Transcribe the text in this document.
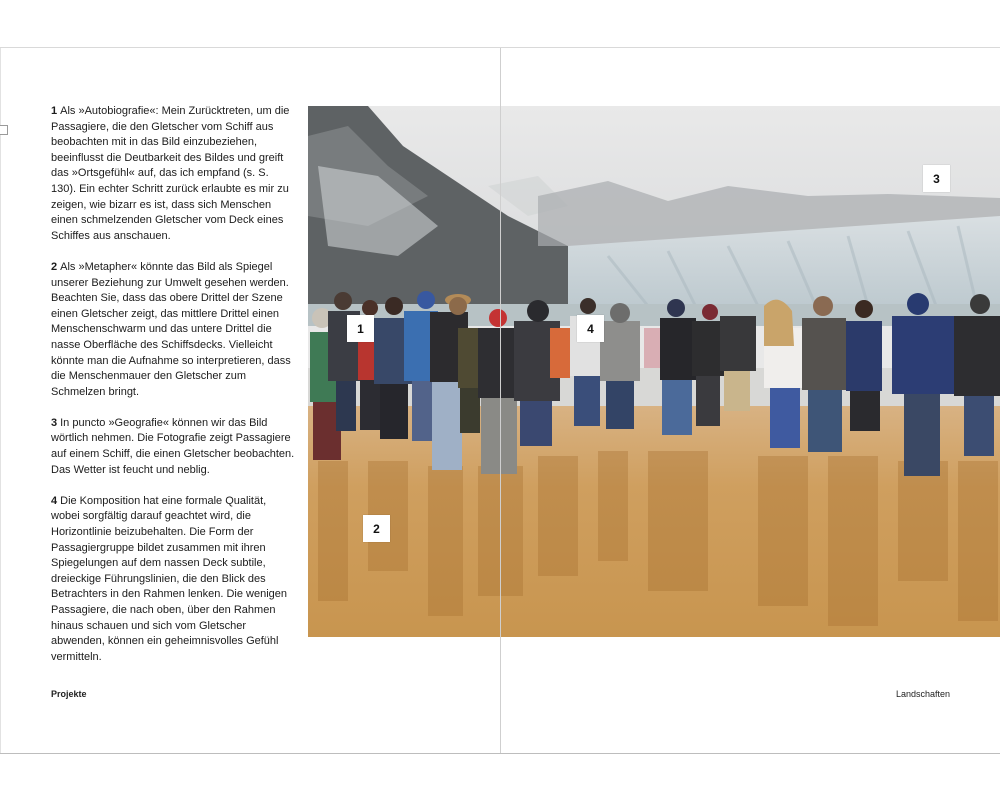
1 Als »Autobiografie«: Mein Zurücktreten, um die Passagiere, die den Gletscher vom Schiff aus beobachten mit in das Bild einzubeziehen, beeinflusst die Deutbarkeit des Bildes und greift das »Ortsgefühl« auf, das ich empfand (s. S. 130). Ein echter Schritt zurück erlaubte es mir zu zeigen, wie bizarr es ist, dass sich Menschen einen schmelzenden Gletscher vom Deck eines Schiffes aus anschauen.

2 Als »Metapher« könnte das Bild als Spiegel unserer Beziehung zur Umwelt gesehen werden. Beachten Sie, dass das obere Drittel der Szene einen Gletscher zeigt, das mittlere Drittel einen Menschenschwarm und das untere Drittel die nasse Oberfläche des Schiffsdecks. Vielleicht könnte man die Aufnahme so interpretieren, dass die Menschenmauer den Gletscher zum Schmelzen bringt.

3 In puncto »Geografie« können wir das Bild wörtlich nehmen. Die Fotografie zeigt Passagiere auf einem Schiff, die einen Gletscher beobachten. Das Wetter ist feucht und neblig.

4 Die Komposition hat eine formale Qualität, wobei sorgfältig darauf geachtet wird, die Horizontlinie beizubehalten. Die Form der Passagiergruppe bildet zusammen mit ihren Spiegelungen auf dem nassen Deck subtile, dreieckige Führungslinien, die den Blick des Betrachters in den Rahmen lenken. Die wenigen Passagiere, die nach oben, über den Rahmen hinaus schauen und sich vom Gletscher abwenden, können ein geheimnisvolles Gefühl vermitteln.

Projekte	Landschaften
1
2
3
4
